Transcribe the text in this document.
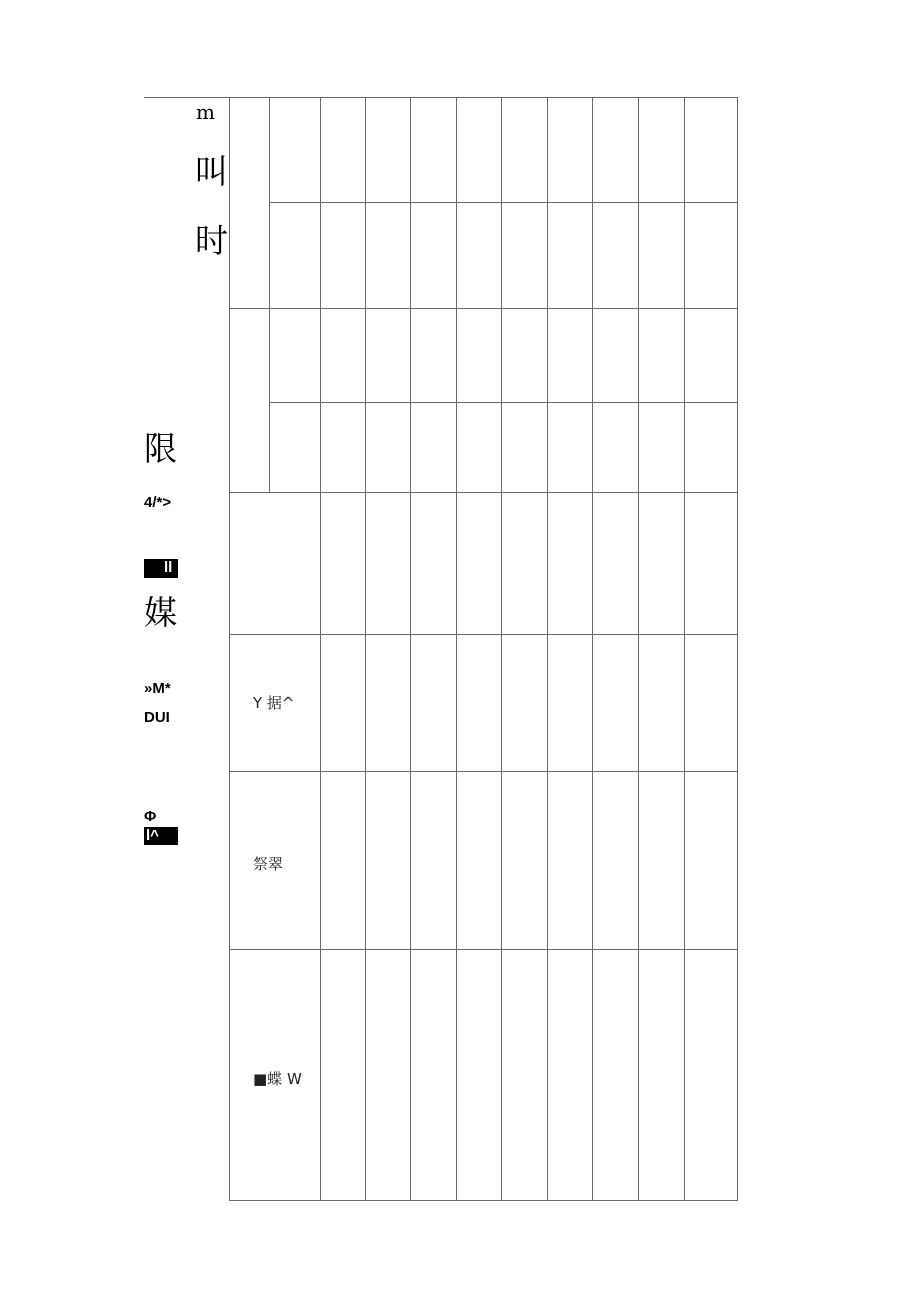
m
叫
时
限
4/*>
ll
媒
»M*
DUI
Φ
l^
Y 据^
祭翠
■蝶 W
